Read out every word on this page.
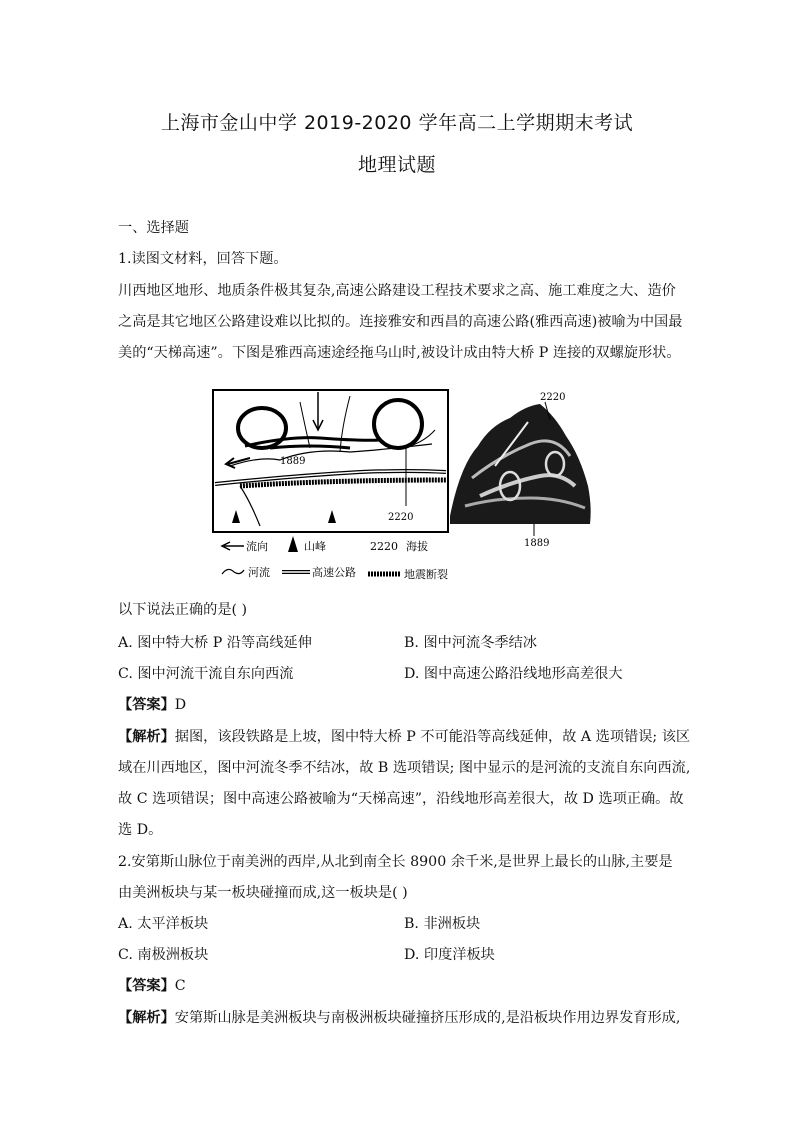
上海市金山中学 2019-2020 学年高二上学期期末考试
地理试题
一、选择题
1.读图文材料，回答下题。
川西地区地形、地质条件极其复杂,高速公路建设工程技术要求之高、施工难度之大、造价
之高是其它地区公路建设难以比拟的。连接雅安和西昌的高速公路(雅西高速)被喻为中国最
美的“天梯高速”。下图是雅西高速途经拖乌山时,被设计成由特大桥 P 连接的双螺旋形状。
1889
2220
2220
1889
流向	山峰	2220 海拔
河流	高速公路	地震断裂
以下说法正确的是( )
A. 图中特大桥 P 沿等高线延伸	B. 图中河流冬季结冰
C. 图中河流干流自东向西流	D. 图中高速公路沿线地形高差很大
【答案】D
【解析】据图，该段铁路是上坡，图中特大桥 P 不可能沿等高线延伸，故 A 选项错误; 该区
域在川西地区，图中河流冬季不结冰，故 B 选项错误; 图中显示的是河流的支流自东向西流,
故 C 选项错误；图中高速公路被喻为“天梯高速”，沿线地形高差很大，故 D 选项正确。故
选 D。
2.安第斯山脉位于南美洲的西岸,从北到南全长 8900 余千米,是世界上最长的山脉,主要是
由美洲板块与某一板块碰撞而成,这一板块是( )
A. 太平洋板块	B. 非洲板块
C. 南极洲板块	D. 印度洋板块
【答案】C
【解析】安第斯山脉是美洲板块与南极洲板块碰撞挤压形成的,是沿板块作用边界发育形成,
